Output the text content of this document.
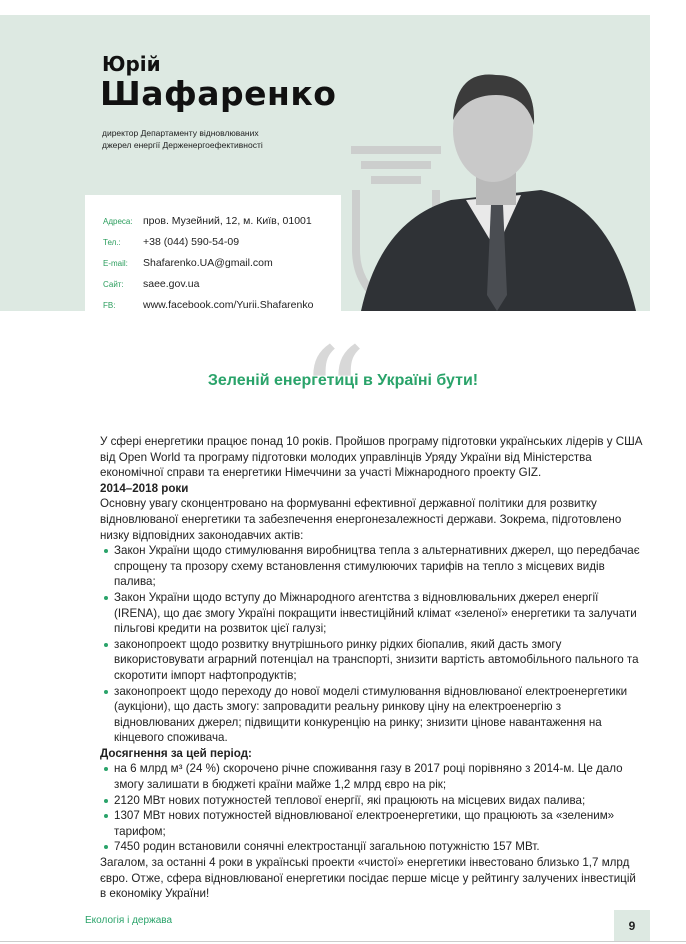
Юрій
Шафаренко
директор Департаменту відновлюваних
джерел енергії Держенергоефективності
Адреса: пров. Музейний, 12, м. Київ, 01001
Тел.: +38 (044) 590-54-09
E-mail: Shafarenko.UA@gmail.com
Сайт: saee.gov.ua
FB:	www.facebook.com/Yurii.Shafarenko
“
Зеленій енергетиці в Україні бути!

У сфері енергетики працює понад 10 років. Пройшов програму підготовки українських лідерів у США від Open World та програму підготовки молодих управлінців Уряду України від Міністерства економічної справи та енергетики Німеччини за участі Міжнародного проекту GIZ.

2014–2018 роки

Основну увагу сконцентровано на формуванні ефективної державної політики для розвитку відновлюваної енергетики та забезпечення енергонезалежності держави. Зокрема, підготовлено низку відповідних законодавчих актів:

Закон України щодо стимулювання виробництва тепла з альтернативних джерел, що передбачає спрощену та прозору схему встановлення стимулюючих тарифів на тепло з місцевих видів палива;
Закон України щодо вступу до Міжнародного агентства з відновлювальних джерел енергії (IRENA), що дає змогу Україні покращити інвестиційний клімат «зеленої» енергетики та залучати пільгові кредити на розвиток цієї галузі;
законопроект щодо розвитку внутрішнього ринку рідких біопалив, який дасть змогу використовувати аграрний потенціал на транспорті, знизити вартість автомобільного пального та скоротити імпорт нафтопродуктів;
законопроект щодо переходу до нової моделі стимулювання відновлюваної електроенергетики (аукціони), що дасть змогу: запровадити реальну ринкову ціну на електроенергію з відновлюваних джерел; підвищити конкуренцію на ринку; знизити цінове навантаження на кінцевого споживача.

Досягнення за цей період:

на 6 млрд м³ (24 %) скорочено річне споживання газу в 2017 році порівняно з 2014-м. Це дало змогу залишати в бюджеті країни майже 1,2 млрд євро на рік;
2120 МВт нових потужностей теплової енергії, які працюють на місцевих видах палива;
1307 МВт нових потужностей відновлюваної електроенергетики, що працюють за «зеленим» тарифом;
7450 родин встановили сонячні електростанції загальною потужністю 157 МВт.

Загалом, за останні 4 роки в українські проекти «чистої» енергетики інвестовано близько 1,7 млрд євро. Отже, сфера відновлюваної енергетики посідає перше місце у рейтингу залучених інвестицій в економіку України!

Екологія і держава	9
